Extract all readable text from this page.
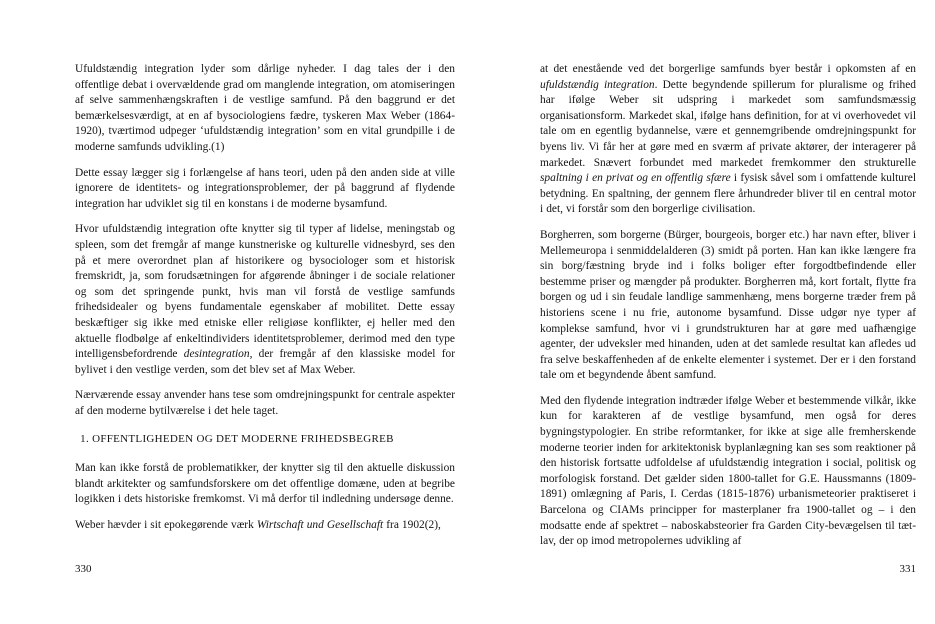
Ufuldstændig integration lyder som dårlige nyheder. I dag tales der i den offentlige debat i overvældende grad om manglende integration, om atomiseringen af selve sammenhængskraften i de vestlige samfund. På den baggrund er det bemærkelsesværdigt, at en af bysociologiens fædre, tyskeren Max Weber (1864-1920), tværtimod udpeger ‘ufuldstændig integration’ som en vital grundpille i de moderne samfunds udvikling.(1)

Dette essay lægger sig i forlængelse af hans teori, uden på den anden side at ville ignorere de identitets- og integrationsproblemer, der på baggrund af flydende integration har udviklet sig til en konstans i de moderne bysamfund.

Hvor ufuldstændig integration ofte knytter sig til typer af lidelse, meningstab og spleen, som det fremgår af mange kunstneriske og kulturelle vidnesbyrd, ses den på et mere overordnet plan af historikere og bysociologer som et historisk fremskridt, ja, som forudsætningen for afgørende åbninger i de sociale relationer og som det springende punkt, hvis man vil forstå de vestlige samfunds frihedsidealer og byens fundamentale egenskaber af mobilitet. Dette essay beskæftiger sig ikke med etniske eller religiøse konflikter, ej heller med den aktuelle flodbølge af enkeltindividers identitetsproblemer, derimod med den type intelligensbefordrende desintegration, der fremgår af den klassiske model for bylivet i den vestlige verden, som det blev set af Max Weber.

Nærværende essay anvender hans tese som omdrejningspunkt for centrale aspekter af den moderne bytilværelse i det hele taget.

1. OFFENTLIGHEDEN OG DET MODERNE FRIHEDSBEGREB

Man kan ikke forstå de problematikker, der knytter sig til den aktuelle diskussion blandt arkitekter og samfundsforskere om det offentlige domæne, uden at begribe logikken i dets historiske fremkomst. Vi må derfor til indledning undersøge denne.

Weber hævder i sit epokegørende værk Wirtschaft und Gesellschaft fra 1902(2),

330

at det enestående ved det borgerlige samfunds byer består i opkomsten af en ufuldstændig integration. Dette begyndende spillerum for pluralisme og frihed har ifølge Weber sit udspring i markedet som samfundsmæssig organisationsform. Markedet skal, ifølge hans definition, for at vi overhovedet vil tale om en egentlig bydannelse, være et gennemgribende omdrejningspunkt for byens liv. Vi får her at gøre med en sværm af private aktører, der interagerer på markedet. Snævert forbundet med markedet fremkommer den strukturelle spaltning i en privat og en offentlig sfære i fysisk såvel som i omfattende kulturel betydning. En spaltning, der gennem flere århundreder bliver til en central motor i det, vi forstår som den borgerlige civilisation.

Borgherren, som borgerne (Bürger, bourgeois, borger etc.) har navn efter, bliver i Mellemeuropa i senmiddelalderen (3) smidt på porten. Han kan ikke længere fra sin borg/fæstning bryde ind i folks boliger efter forgodtbefindende eller bestemme priser og mængder på produkter. Borgherren må, kort fortalt, flytte fra borgen og ud i sin feudale landlige sammenhæng, mens borgerne træder frem på historiens scene i nu frie, autonome bysamfund. Disse udgør nye typer af komplekse samfund, hvor vi i grundstrukturen har at gøre med uafhængige agenter, der udveksler med hinanden, uden at det samlede resultat kan afledes ud fra selve beskaffenheden af de enkelte elementer i systemet. Der er i den forstand tale om et begyndende åbent samfund.

Med den flydende integration indtræder ifølge Weber et bestemmende vilkår, ikke kun for karakteren af de vestlige bysamfund, men også for deres bygningstypologier. En stribe reformtanker, for ikke at sige alle fremherskende moderne teorier inden for arkitektonisk byplanlægning kan ses som reaktioner på den historisk fortsatte udfoldelse af ufuldstændig integration i social, politisk og morfologisk forstand. Det gælder siden 1800-tallet for G.E. Haussmanns (1809-1891) omlægning af Paris, I. Cerdas (1815-1876) urbanismeteorier praktiseret i Barcelona og CIAMs principper for masterplaner fra 1900-tallet og – i den modsatte ende af spektret – naboskabsteorier fra Garden City-bevægelsen til tæt-lav, der op imod metropolernes udvikling af

331
